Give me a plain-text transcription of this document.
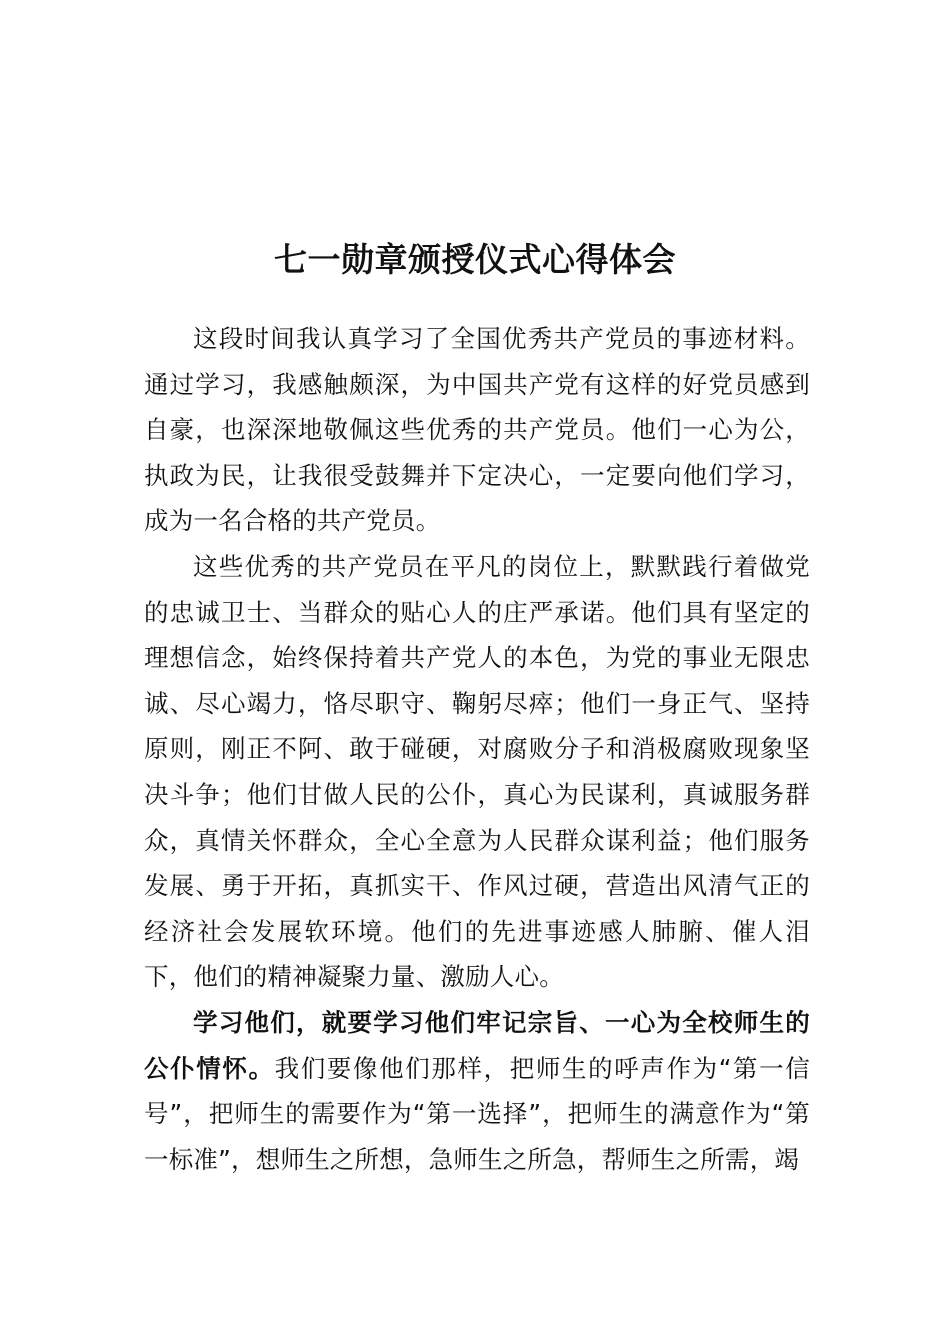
七一勋章颁授仪式心得体会

这段时间我认真学习了全国优秀共产党员的事迹材料。通过学习，我感触颇深，为中国共产党有这样的好党员感到自豪，也深深地敬佩这些优秀的共产党员。他们一心为公，执政为民，让我很受鼓舞并下定决心，一定要向他们学习，成为一名合格的共产党员。

这些优秀的共产党员在平凡的岗位上，默默践行着做党的忠诚卫士、当群众的贴心人的庄严承诺。他们具有坚定的理想信念，始终保持着共产党人的本色，为党的事业无限忠诚、尽心竭力，恪尽职守、鞠躬尽瘁；他们一身正气、坚持原则，刚正不阿、敢于碰硬，对腐败分子和消极腐败现象坚决斗争；他们甘做人民的公仆，真心为民谋利，真诚服务群众，真情关怀群众，全心全意为人民群众谋利益；他们服务发展、勇于开拓，真抓实干、作风过硬，营造出风清气正的经济社会发展软环境。他们的先进事迹感人肺腑、催人泪下，他们的精神凝聚力量、激励人心。

学习他们，就要学习他们牢记宗旨、一心为全校师生的公仆情怀。我们要像他们那样，把师生的呼声作为“第一信号”，把师生的需要作为“第一选择”，把师生的满意作为“第一标准”，想师生之所想，急师生之所急，帮师生之所需，竭
